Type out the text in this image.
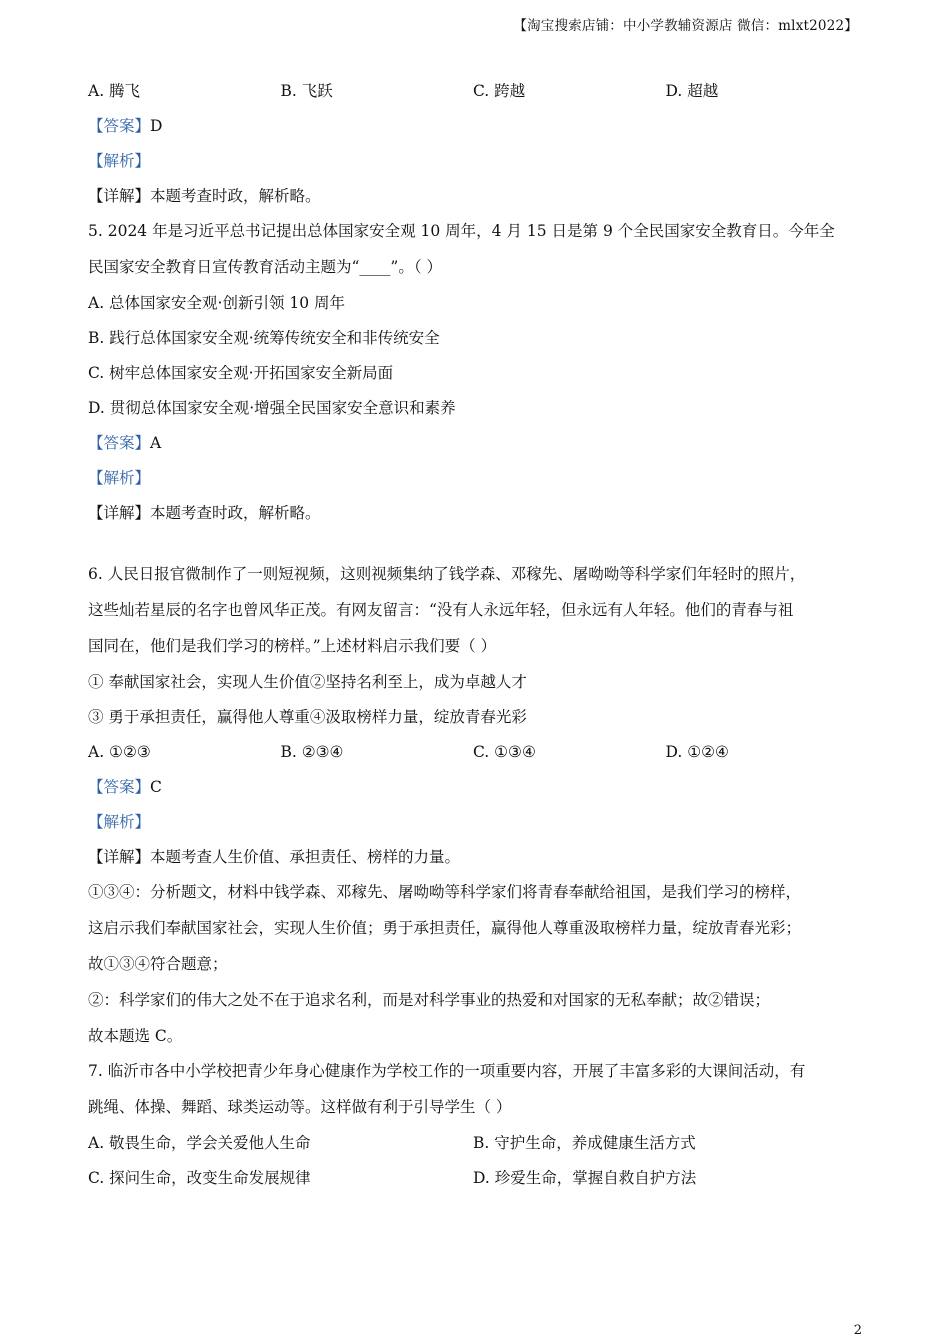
【淘宝搜索店铺：中小学教辅资源店 微信：mlxt2022】
A. 腾飞	B. 飞跃	C. 跨越	D. 超越
【答案】D
【解析】
【详解】本题考查时政，解析略。
5. 2024 年是习近平总书记提出总体国家安全观 10 周年，4 月 15 日是第 9 个全民国家安全教育日。今年全
民国家安全教育日宣传教育活动主题为“____”。（ ）
A. 总体国家安全观·创新引领 10 周年
B. 践行总体国家安全观·统筹传统安全和非传统安全
C. 树牢总体国家安全观·开拓国家安全新局面
D. 贯彻总体国家安全观·增强全民国家安全意识和素养
【答案】A
【解析】
【详解】本题考查时政，解析略。
6. 人民日报官微制作了一则短视频，这则视频集纳了钱学森、邓稼先、屠呦呦等科学家们年轻时的照片，
这些灿若星辰的名字也曾风华正茂。有网友留言：“没有人永远年轻，但永远有人年轻。他们的青春与祖
国同在，他们是我们学习的榜样。”上述材料启示我们要（ ）
① 奉献国家社会，实现人生价值②坚持名利至上，成为卓越人才
③ 勇于承担责任，赢得他人尊重④汲取榜样力量，绽放青春光彩
A. ①②③	B. ②③④	C. ①③④	D. ①②④
【答案】C
【解析】
【详解】本题考查人生价值、承担责任、榜样的力量。
①③④：分析题文，材料中钱学森、邓稼先、屠呦呦等科学家们将青春奉献给祖国，是我们学习的榜样，
这启示我们奉献国家社会，实现人生价值；勇于承担责任，赢得他人尊重汲取榜样力量，绽放青春光彩；
故①③④符合题意；
②：科学家们的伟大之处不在于追求名利，而是对科学事业的热爱和对国家的无私奉献；故②错误；
故本题选 C。
7. 临沂市各中小学校把青少年身心健康作为学校工作的一项重要内容，开展了丰富多彩的大课间活动，有
跳绳、体操、舞蹈、球类运动等。这样做有利于引导学生（ ）
A. 敬畏生命，学会关爱他人生命	B. 守护生命，养成健康生活方式
C. 探问生命，改变生命发展规律	D. 珍爱生命，掌握自救自护方法
2
